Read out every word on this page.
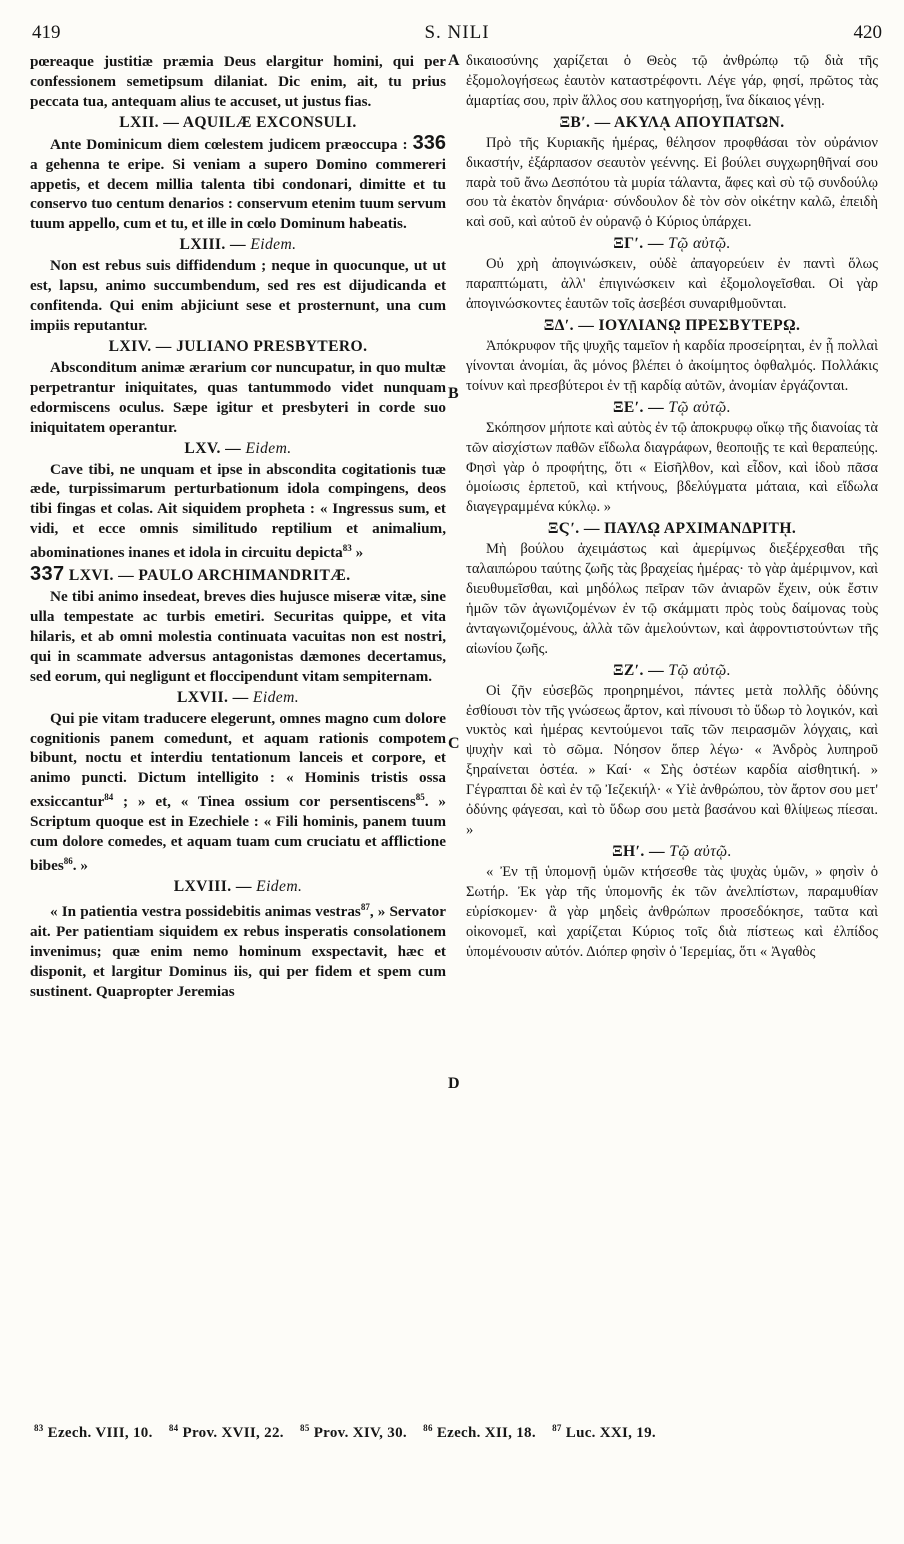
419	S. NILI	420
A
B
C
D

pœreaque justitiæ præmia Deus elargitur homini, qui per confessionem semetipsum dilaniat. Dic enim, ait, tu prius peccata tua, antequam alius te accuset, ut justus fias.

LXII. — AQUILÆ EXCONSULI.

Ante Dominicum diem cœlestem judicem præoccupa : 336 a gehenna te eripe. Si veniam a supero Domino commereri appetis, et decem millia talenta tibi condonari, dimitte et tu conservo tuo centum denarios : conservum etenim tuum servum tuum appello, cum et tu, et ille in cœlo Dominum habeatis.

LXIII. — Eidem.

Non est rebus suis diffidendum ; neque in quocunque, ut ut est, lapsu, animo succumbendum, sed res est dijudicanda et confitenda. Qui enim abjiciunt sese et prosternunt, una cum impiis reputantur.

LXIV. — JULIANO PRESBYTERO.

Absconditum animæ ærarium cor nuncupatur, in quo multæ perpetrantur iniquitates, quas tantummodo videt nunquam edormiscens oculus. Sæpe igitur et presbyteri in corde suo iniquitatem operantur.

LXV. — Eidem.

Cave tibi, ne unquam et ipse in abscondita cogitationis tuæ æde, turpissimarum perturbationum idola compingens, deos tibi fingas et colas. Ait siquidem propheta : « Ingressus sum, et vidi, et ecce omnis similitudo reptilium et animalium, abominationes inanes et idola in circuitu depicta$^{83}$ »

337 LXVI. — PAULO ARCHIMANDRITÆ.

Ne tibi animo insedeat, breves dies hujusce miseræ vitæ, sine ulla tempestate ac turbis emetiri. Securitas quippe, et vita hilaris, et ab omni molestia continuata vacuitas non est nostri, qui in scammate adversus antagonistas dæmones decertamus, sed eorum, qui negligunt et floccipendunt vitam sempiternam.

LXVII. — Eidem.

Qui pie vitam traducere elegerunt, omnes magno cum dolore cognitionis panem comedunt, et aquam rationis compotem bibunt, noctu et interdiu tentationum lanceis et corpore, et animo puncti. Dictum intelligito : « Hominis tristis ossa exsiccantur$^{84}$ ; » et, « Tinea ossium cor persentiscens$^{85}$. » Scriptum quoque est in Ezechiele : « Fili hominis, panem tuum cum dolore comedes, et aquam tuam cum cruciatu et afflictione bibes$^{86}$. »

LXVIII. — Eidem.

« In patientia vestra possidebitis animas vestras$^{87}$, » Servator ait. Per patientiam siquidem ex rebus insperatis consolationem invenimus; quæ enim nemo hominum exspectavit, hæc et disponit, et largitur Dominus iis, qui per fidem et spem cum sustinent. Quapropter Jeremias

δικαιοσύνης χαρίζεται ὁ Θεὸς τῷ ἀνθρώπῳ τῷ διὰ τῆς ἐξομολογήσεως ἑαυτὸν καταστρέφοντι. Λέγε γάρ, φησί, πρῶτος τὰς ἁμαρτίας σου, πρὶν ἄλλος σου κατηγορήσῃ, ἵνα δίκαιος γένῃ.

ΞΒʹ. — ΑΚΥΛᾼ ΑΠΟΥΠΑΤΩΝ.

Πρὸ τῆς Κυριακῆς ἡμέρας, θέλησον προφθάσαι τὸν οὐράνιον δικαστήν, ἐξάρπασον σεαυτὸν γεέννης. Εἰ βούλει συγχωρηθῆναί σου παρὰ τοῦ ἄνω Δεσπότου τὰ μυρία τάλαντα, ἄφες καὶ σὺ τῷ συνδούλῳ σου τὰ ἑκατὸν δηνάρια· σύνδουλον δὲ τὸν σὸν οἰκέτην καλῶ, ἐπειδὴ καὶ σοῦ, καὶ αὐτοῦ ἐν οὐρανῷ ὁ Κύριος ὑπάρχει.

ΞΓʹ. — Τῷ αὐτῷ.

Οὐ χρὴ ἀπογινώσκειν, οὐδὲ ἀπαγορεύειν ἐν παντὶ ὅλως παραπτώματι, ἀλλ' ἐπιγινώσκειν καὶ ἐξομολογεῖσθαι. Οἱ γὰρ ἀπογινώσκοντες ἑαυτῶν τοῖς ἀσεβέσι συναριθμοῦνται.

ΞΔʹ. — ΙΟΥΛΙΑΝῼ ΠΡΕΣΒΥΤΕΡῼ.

Ἀπόκρυφον τῆς ψυχῆς ταμεῖον ἡ καρδία προσείρηται, ἐν ᾗ πολλαὶ γίνονται ἀνομίαι, ἃς μόνος βλέπει ὁ ἀκοίμητος ὀφθαλμός. Πολλάκις τοίνυν καὶ πρεσβύτεροι ἐν τῇ καρδίᾳ αὐτῶν, ἀνομίαν ἐργάζονται.

ΞΕʹ. — Τῷ αὐτῷ.

Σκόπησον μήποτε καὶ αὐτὸς ἐν τῷ ἀποκρυφῳ οἴκῳ τῆς διανοίας τὰ τῶν αἰσχίστων παθῶν εἴδωλα διαγράφων, θεοποιῇς τε καὶ θεραπεύῃς. Φησὶ γὰρ ὁ προφήτης, ὅτι « Εἰσῆλθον, καὶ εἶδον, καὶ ἰδοὺ πᾶσα ὁμοίωσις ἑρπετοῦ, καὶ κτήνους, βδελύγματα μάταια, καὶ εἴδωλα διαγεγραμμένα κύκλῳ. »

ΞϚʹ. — ΠΑΥΛῼ ΑΡΧΙΜΑΝΔΡΙΤῌ.

Μὴ βούλου ἀχειμάστως καὶ ἀμερίμνως διεξέρχεσθαι τῆς ταλαιπώρου ταύτης ζωῆς τὰς βραχείας ἡμέρας· τὸ γὰρ ἀμέριμνον, καὶ διευθυμεῖσθαι, καὶ μηδόλως πεῖραν τῶν ἀνιαρῶν ἔχειν, οὐκ ἔστιν ἡμῶν τῶν ἀγωνιζομένων ἐν τῷ σκάμματι πρὸς τοὺς δαίμονας τοὺς ἀνταγωνιζομένους, ἀλλὰ τῶν ἀμελούντων, καὶ ἀφροντιστούντων τῆς αἰωνίου ζωῆς.

ΞΖʹ. — Τῷ αὐτῷ.

Οἱ ζῆν εὐσεβῶς προηρημένοι, πάντες μετὰ πολλῆς ὀδύνης ἐσθίουσι τὸν τῆς γνώσεως ἄρτον, καὶ πίνουσι τὸ ὕδωρ τὸ λογικόν, καὶ νυκτὸς καὶ ἡμέρας κεντούμενοι ταῖς τῶν πειρασμῶν λόγχαις, καὶ ψυχὴν καὶ τὸ σῶμα. Νόησον ὅπερ λέγω· « Ἀνδρὸς λυπηροῦ ξηραίνεται ὀστέα. » Καί· « Σὴς ὀστέων καρδία αἰσθητική. » Γέγραπται δὲ καὶ ἐν τῷ Ἰεζεκιήλ· « Υἱὲ ἀνθρώπου, τὸν ἄρτον σου μετ' ὀδύνης φάγεσαι, καὶ τὸ ὕδωρ σου μετὰ βασάνου καὶ θλίψεως πίεσαι. »

ΞΗʹ. — Τῷ αὐτῷ.

« Ἐν τῇ ὑπομονῇ ὑμῶν κτήσεσθε τὰς ψυχὰς ὑμῶν, » φησὶν ὁ Σωτήρ. Ἐκ γὰρ τῆς ὑπομονῆς ἐκ τῶν ἀνελπίστων, παραμυθίαν εὑρίσκομεν· ἃ γὰρ μηδεὶς ἀνθρώπων προσεδόκησε, ταῦτα καὶ οἰκονομεῖ, καὶ χαρίζεται Κύριος τοῖς διὰ πίστεως καὶ ἐλπίδος ὑπομένουσιν αὐτόν. Διόπερ φησὶν ὁ Ἱερεμίας, ὅτι « Ἀγαθὸς

$^{83}$ Ezech. VIII, 10. $^{84}$ Prov. XVII, 22. $^{85}$ Prov. XIV, 30. $^{86}$ Ezech. XII, 18. $^{87}$ Luc. XXI, 19.
